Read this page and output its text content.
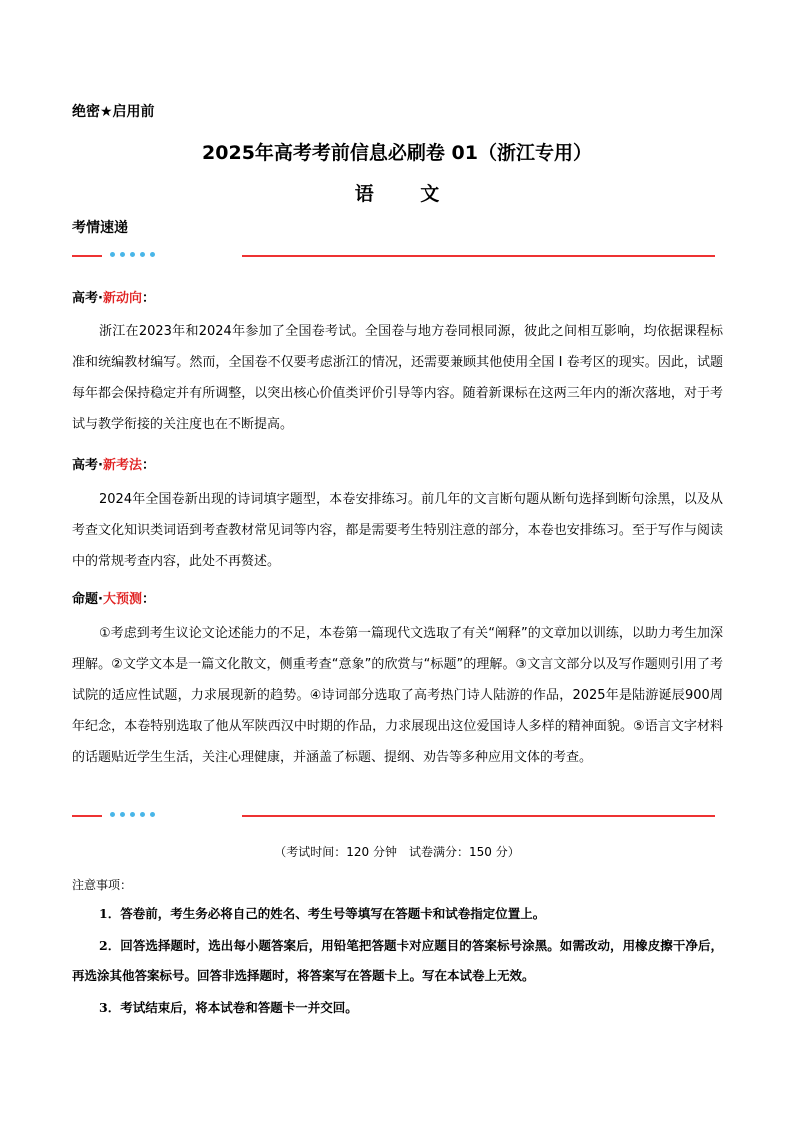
绝密★启用前
2025年高考考前信息必刷卷 01（浙江专用）
语 文
考情速递
高考·新动向：
浙江在2023年和2024年参加了全国卷考试。全国卷与地方卷同根同源，彼此之间相互影响，均依据课程标准和统编教材编写。然而，全国卷不仅要考虑浙江的情况，还需要兼顾其他使用全国 I 卷考区的现实。因此，试题每年都会保持稳定并有所调整，以突出核心价值类评价引导等内容。随着新课标在这两三年内的渐次落地，对于考试与教学衔接的关注度也在不断提高。
高考·新考法：
2024年全国卷新出现的诗词填字题型，本卷安排练习。前几年的文言断句题从断句选择到断句涂黑，以及从考查文化知识类词语到考查教材常见词等内容，都是需要考生特别注意的部分，本卷也安排练习。至于写作与阅读中的常规考查内容，此处不再赘述。
命题·大预测：
①考虑到考生议论文论述能力的不足，本卷第一篇现代文选取了有关“阐释”的文章加以训练，以助力考生加深理解。②文学文本是一篇文化散文，侧重考查“意象”的欣赏与“标题”的理解。③文言文部分以及写作题则引用了考试院的适应性试题，力求展现新的趋势。④诗词部分选取了高考热门诗人陆游的作品，2025年是陆游诞辰900周年纪念，本卷特别选取了他从军陕西汉中时期的作品，力求展现出这位爱国诗人多样的精神面貌。⑤语言文字材料的话题贴近学生生活，关注心理健康，并涵盖了标题、提纲、劝告等多种应用文体的考查。
（考试时间：120 分钟　试卷满分：150 分）
注意事项：
1．答卷前，考生务必将自己的姓名、考生号等填写在答题卡和试卷指定位置上。
2．回答选择题时，选出每小题答案后，用铅笔把答题卡对应题目的答案标号涂黑。如需改动，用橡皮擦干净后，再选涂其他答案标号。回答非选择题时，将答案写在答题卡上。写在本试卷上无效。
3．考试结束后，将本试卷和答题卡一并交回。
